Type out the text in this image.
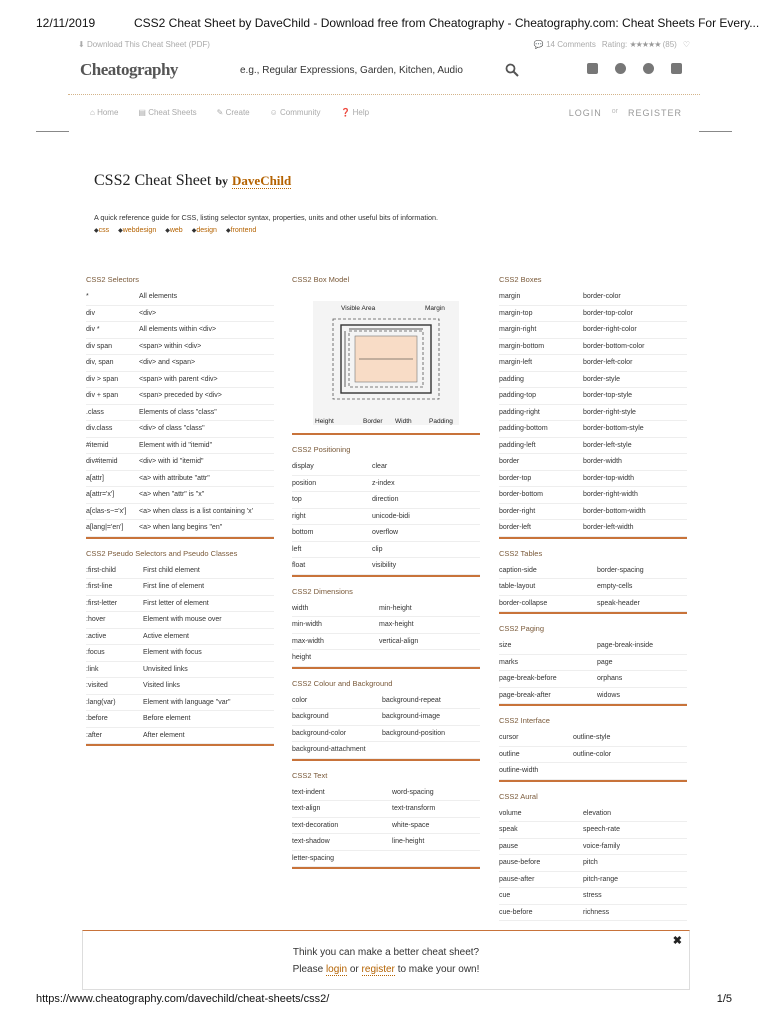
12/11/2019	CSS2 Cheat Sheet by DaveChild - Download free from Cheatography - Cheatography.com: Cheat Sheets For Every...
⬇ Download This Cheat Sheet (PDF)	💬 14 Comments Rating: ★★★★★ (85) ♡
Cheatography	e.g., Regular Expressions, Garden, Kitchen, Audio
⌂ Home	▤ Cheat Sheets	✎ Create	☺ Community	❓ Help	LOGIN or REGISTER
CSS2 Cheat Sheet by DaveChild
A quick reference guide for CSS, listing selector syntax, properties, units and other useful bits of information.
◆ css	◆ webdesign	◆ web	◆ design	◆ frontend
CSS2 Selectors
*	All elements
div	<div>
div *	All elements within <div>
div span	<span> within <div>
div, span	<div> and <span>
div > span	<span> with parent <div>
div + span	<span> preceded by <div>
.class	Elements of class "class"
div.class	<div> of class "class"
#itemid	Element with id "itemid"
div#itemid	<div> with id "itemid"
a[attr]	<a> with attribute "attr"
a[attr='x']	<a> when "attr" is "x"
a[clas-s~='x']	<a> when class is a list containing 'x'
a[lang|='en']	<a> when lang begins "en"
CSS2 Pseudo Selectors and Pseudo Classes
:first-child	First child element
:first-line	First line of element
:first-letter	First letter of element
:hover	Element with mouse over
:active	Active element
:focus	Element with focus
:link	Unvisited links
:visited	Visited links
:lang(var)	Element with language "var"
:before	Before element
:after	After element
CSS2 Box Model
Visible Area	Margin
Height	Border Width	Padding
CSS2 Positioning
display	clear
position	z-index
top	direction
right	unicode-bidi
bottom	overflow
left	clip
float	visibility
CSS2 Dimensions
width	min-height
min-width	max-height
max-width	vertical-align
height
CSS2 Colour and Background
color	background-repeat
background	background-image
background-color	background-position
background-attachment
CSS2 Text
text-indent	word-spacing
text-align	text-transform
text-decoration	white-space
text-shadow	line-height
letter-spacing
CSS2 Boxes
margin	border-color
margin-top	border-top-color
margin-right	border-right-color
margin-bottom	border-bottom-color
margin-left	border-left-color
padding	border-style
padding-top	border-top-style
padding-right	border-right-style
padding-bottom	border-bottom-style
padding-left	border-left-style
border	border-width
border-top	border-top-width
border-bottom	border-right-width
border-right	border-bottom-width
border-left	border-left-width
CSS2 Tables
caption-side	border-spacing
table-layout	empty-cells
border-collapse	speak-header
CSS2 Paging
size	page-break-inside
marks	page
page-break-before	orphans
page-break-after	widows
CSS2 Interface
cursor	outline-style
outline	outline-color
outline-width
CSS2 Aural
volume	elevation
speak	speech-rate
pause	voice-family
pause-before	pitch
pause-after	pitch-range
cue	stress
cue-before	richness
✖
Think you can make a better cheat sheet?
Please login or register to make your own!
https://www.cheatography.com/davechild/cheat-sheets/css2/	1/5
